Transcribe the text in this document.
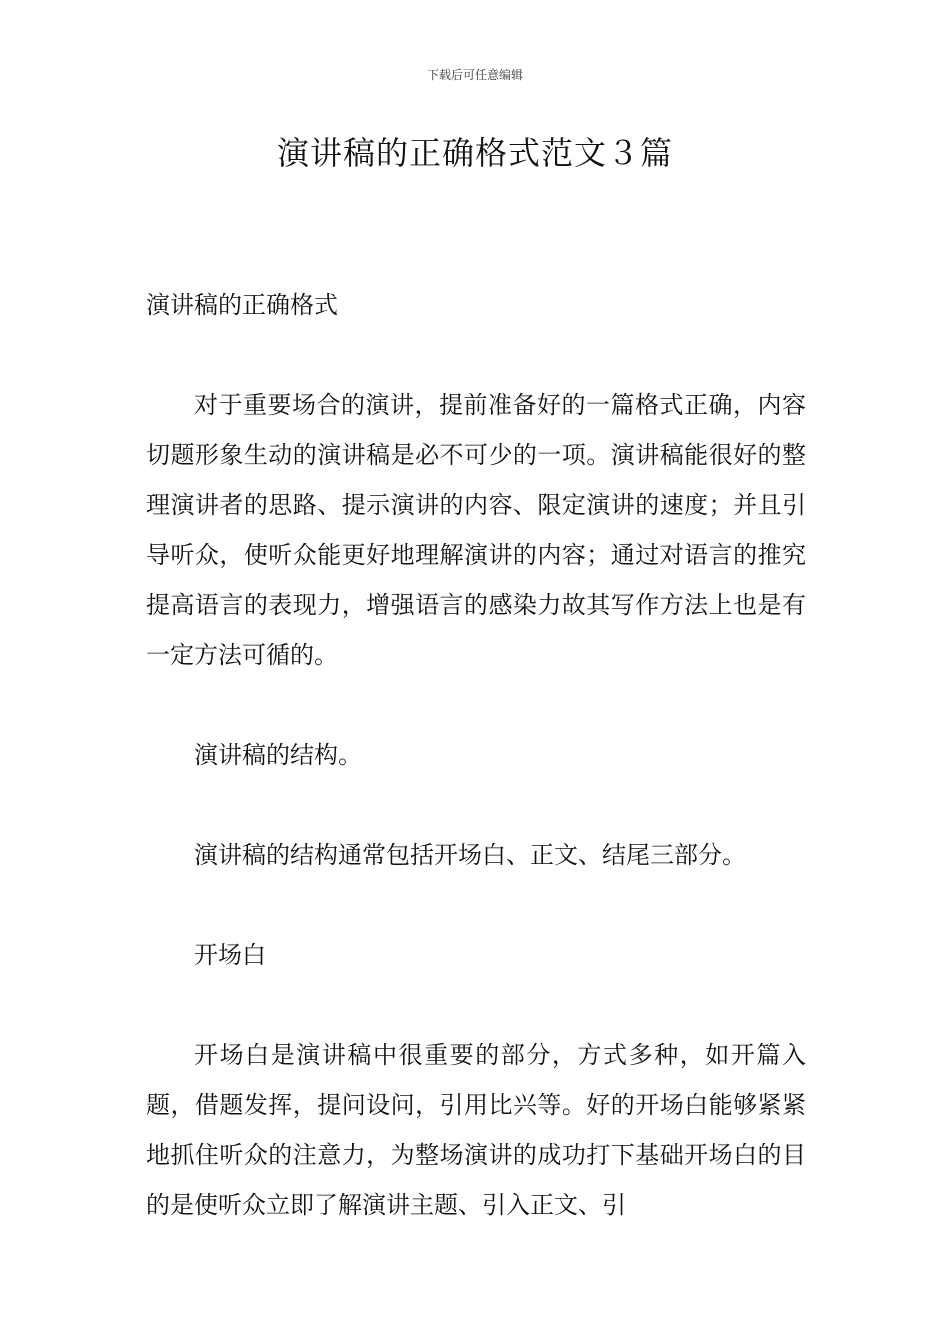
下载后可任意编辑
演讲稿的正确格式范文３篇

演讲稿的正确格式

对于重要场合的演讲，提前准备好的一篇格式正确，内容切题形象生动的演讲稿是必不可少的一项。演讲稿能很好的整理演讲者的思路、提示演讲的内容、限定演讲的速度；并且引导听众，使听众能更好地理解演讲的内容；通过对语言的推究提高语言的表现力，增强语言的感染力故其写作方法上也是有一定方法可循的。

演讲稿的结构。

演讲稿的结构通常包括开场白、正文、结尾三部分。

开场白

开场白是演讲稿中很重要的部分，方式多种，如开篇入题，借题发挥，提问设问，引用比兴等。好的开场白能够紧紧地抓住听众的注意力，为整场演讲的成功打下基础开场白的目的是使听众立即了解演讲主题、引入正文、引
